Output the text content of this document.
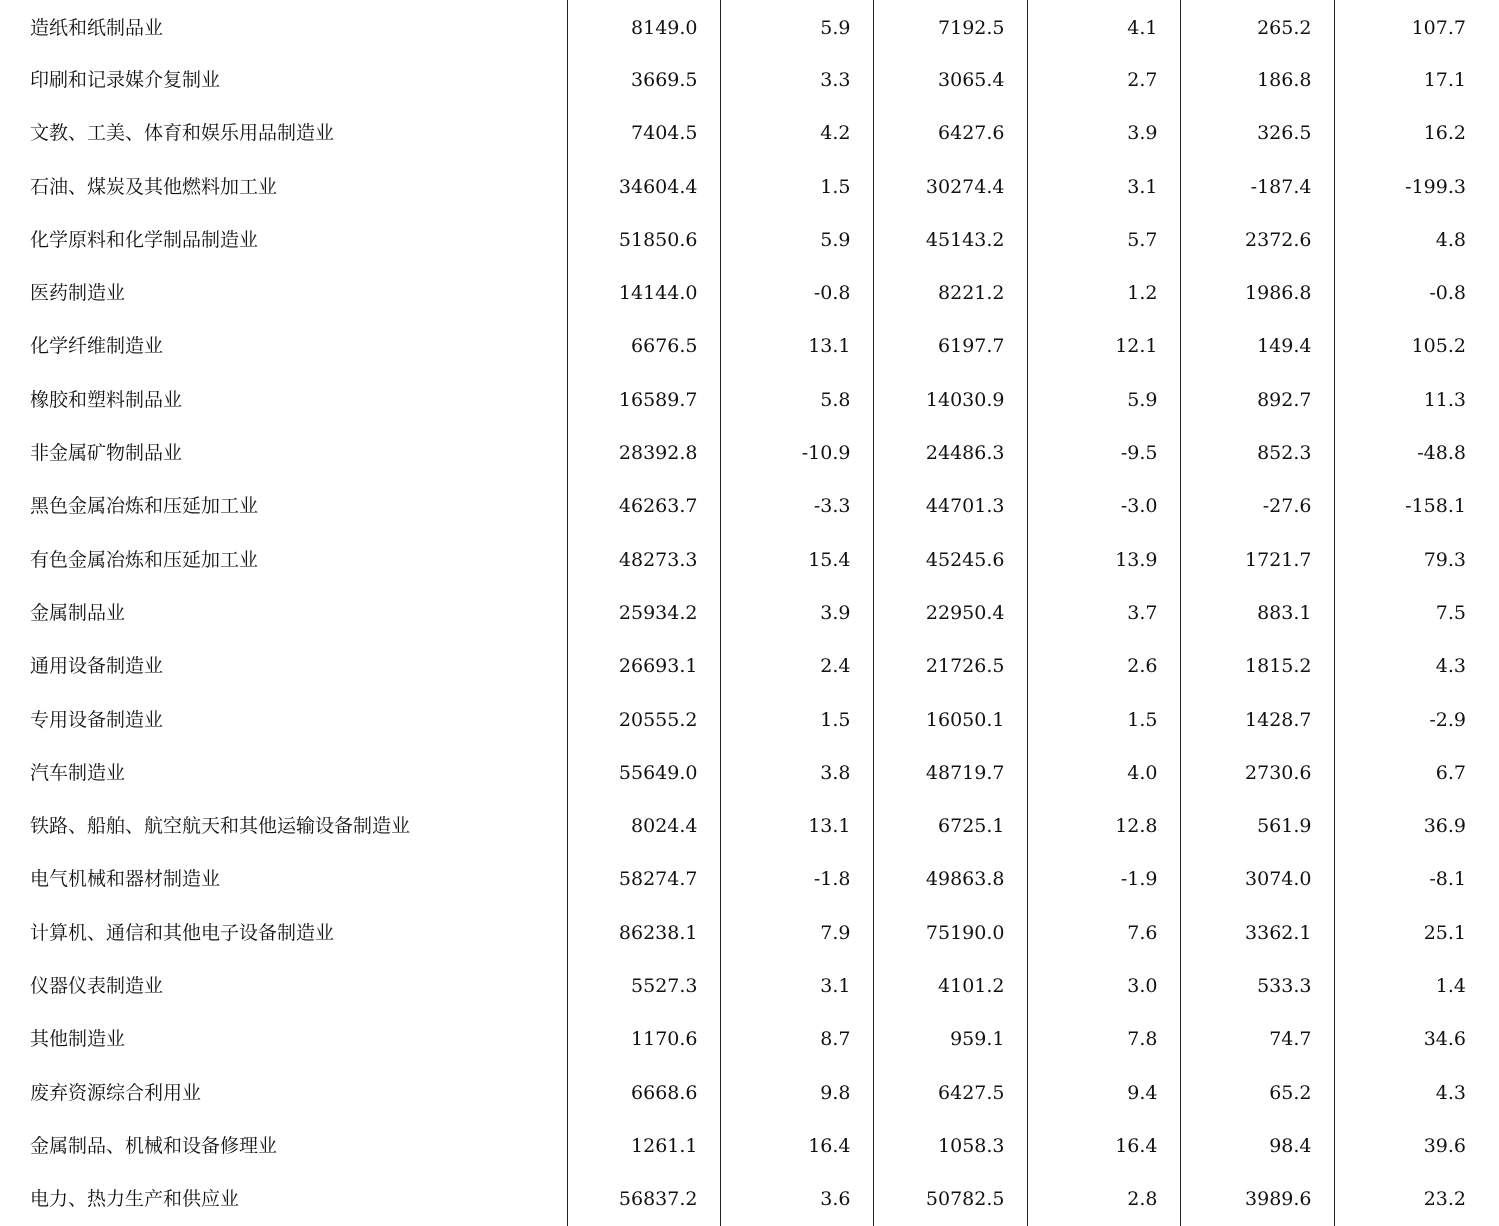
造纸和纸制品业	8149.0	5.9	7192.5	4.1	265.2	107.7
印刷和记录媒介复制业	3669.5	3.3	3065.4	2.7	186.8	17.1
文教、工美、体育和娱乐用品制造业	7404.5	4.2	6427.6	3.9	326.5	16.2
石油、煤炭及其他燃料加工业	34604.4	1.5	30274.4	3.1	-187.4	-199.3
化学原料和化学制品制造业	51850.6	5.9	45143.2	5.7	2372.6	4.8
医药制造业	14144.0	-0.8	8221.2	1.2	1986.8	-0.8
化学纤维制造业	6676.5	13.1	6197.7	12.1	149.4	105.2
橡胶和塑料制品业	16589.7	5.8	14030.9	5.9	892.7	11.3
非金属矿物制品业	28392.8	-10.9	24486.3	-9.5	852.3	-48.8
黑色金属冶炼和压延加工业	46263.7	-3.3	44701.3	-3.0	-27.6	-158.1
有色金属冶炼和压延加工业	48273.3	15.4	45245.6	13.9	1721.7	79.3
金属制品业	25934.2	3.9	22950.4	3.7	883.1	7.5
通用设备制造业	26693.1	2.4	21726.5	2.6	1815.2	4.3
专用设备制造业	20555.2	1.5	16050.1	1.5	1428.7	-2.9
汽车制造业	55649.0	3.8	48719.7	4.0	2730.6	6.7
铁路、船舶、航空航天和其他运输设备制造业	8024.4	13.1	6725.1	12.8	561.9	36.9
电气机械和器材制造业	58274.7	-1.8	49863.8	-1.9	3074.0	-8.1
计算机、通信和其他电子设备制造业	86238.1	7.9	75190.0	7.6	3362.1	25.1
仪器仪表制造业	5527.3	3.1	4101.2	3.0	533.3	1.4
其他制造业	1170.6	8.7	959.1	7.8	74.7	34.6
废弃资源综合利用业	6668.6	9.8	6427.5	9.4	65.2	4.3
金属制品、机械和设备修理业	1261.1	16.4	1058.3	16.4	98.4	39.6
电力、热力生产和供应业	56837.2	3.6	50782.5	2.8	3989.6	23.2
